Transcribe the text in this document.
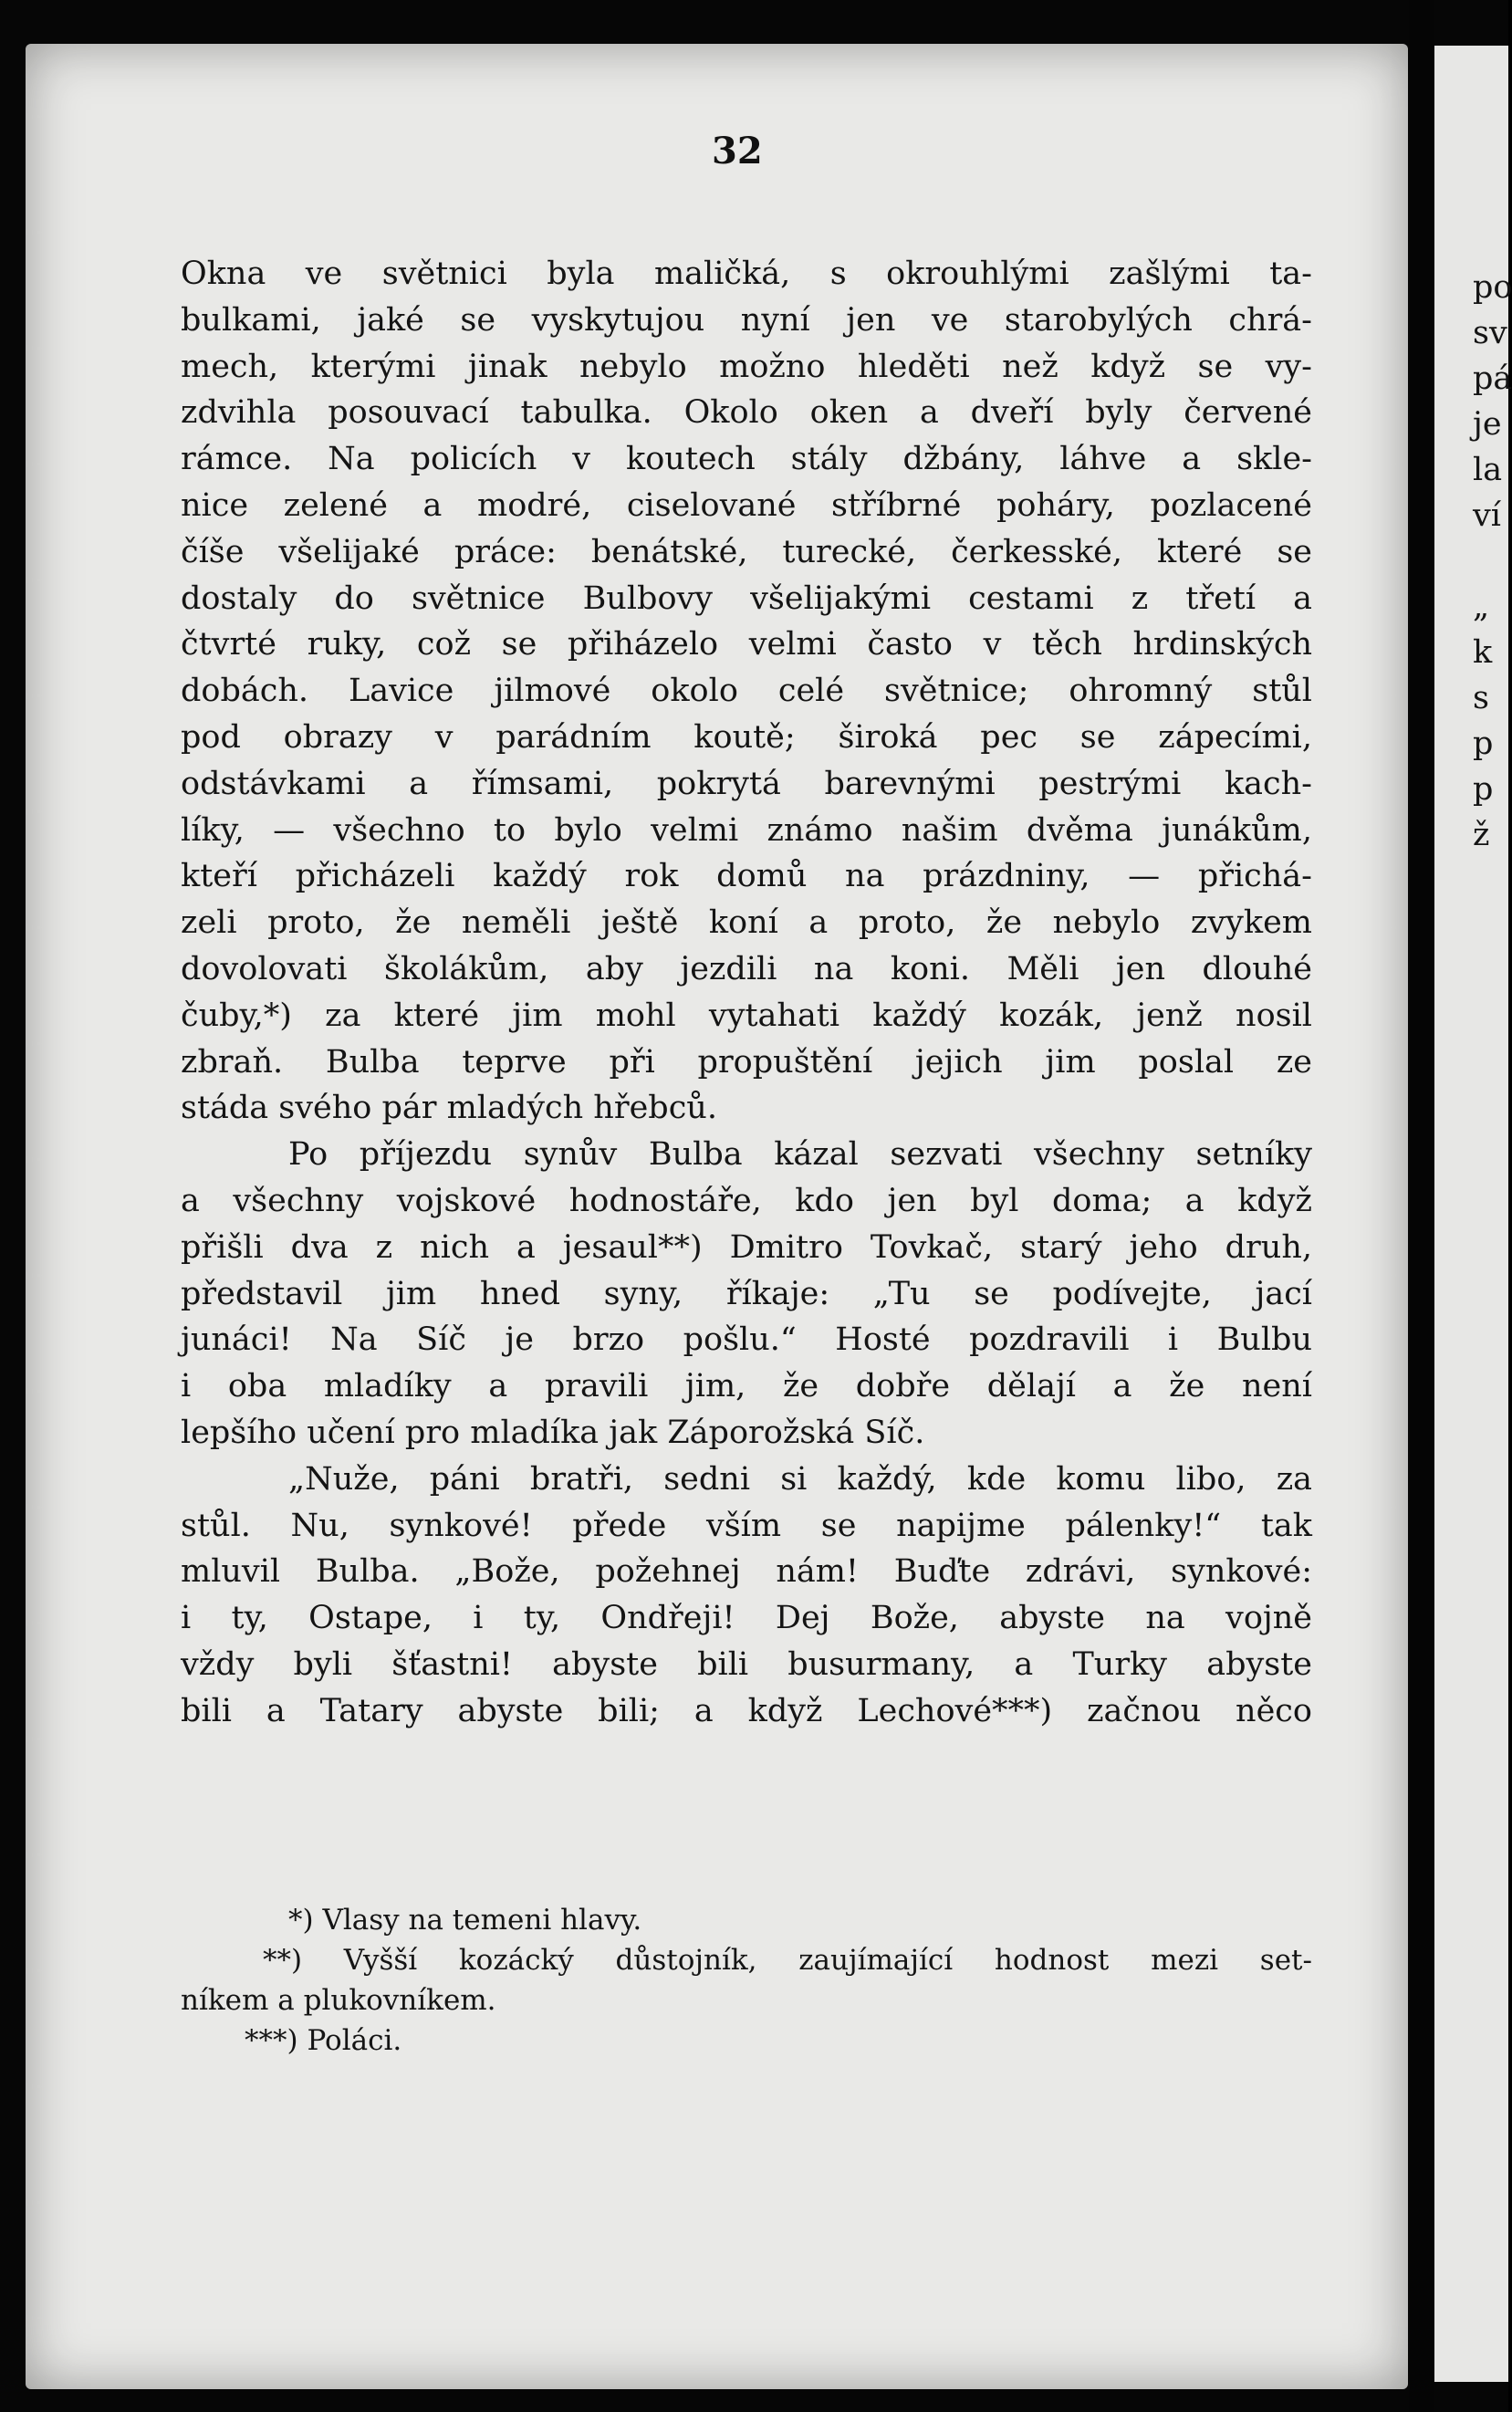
32
Okna ve světnici byla maličká, s okrouhlými zašlými ta-
bulkami, jaké se vyskytujou nyní jen ve starobylých chrá-
mech, kterými jinak nebylo možno hleděti než když se vy-
zdvihla posouvací tabulka. Okolo oken a dveří byly červené
rámce. Na policích v koutech stály džbány, láhve a skle-
nice zelené a modré, ciselované stříbrné poháry, pozlacené
číše všelijaké práce: benátské, turecké, čerkesské, které se
dostaly do světnice Bulbovy všelijakými cestami z třetí a
čtvrté ruky, což se přiházelo velmi často v těch hrdinských
dobách. Lavice jilmové okolo celé světnice; ohromný stůl
pod obrazy v parádním koutě; široká pec se zápecími,
odstávkami a římsami, pokrytá barevnými pestrými kach-
líky, — všechno to bylo velmi známo našim dvěma junákům,
kteří přicházeli každý rok domů na prázdniny, — přichá-
zeli proto, že neměli ještě koní a proto, že nebylo zvykem
dovolovati školákům, aby jezdili na koni. Měli jen dlouhé
čuby,*) za které jim mohl vytahati každý kozák, jenž nosil
zbraň. Bulba teprve při propuštění jejich jim poslal ze
stáda svého pár mladých hřebců.
Po příjezdu synův Bulba kázal sezvati všechny setníky
a všechny vojskové hodnostáře, kdo jen byl doma; a když
přišli dva z nich a jesaul**) Dmitro Tovkač, starý jeho druh,
představil jim hned syny, říkaje: „Tu se podívejte, jací
junáci! Na Síč je brzo pošlu.“ Hosté pozdravili i Bulbu
i oba mladíky a pravili jim, že dobře dělají a že není
lepšího učení pro mladíka jak Záporožská Síč.
„Nuže, páni bratři, sedni si každý, kde komu libo, za
stůl. Nu, synkové! přede vším se napijme pálenky!“ tak
mluvil Bulba. „Bože, požehnej nám! Buďte zdrávi, synkové:
i ty, Ostape, i ty, Ondřeji! Dej Bože, abyste na vojně
vždy byli šťastni! abyste bili busurmany, a Turky abyste
bili a Tatary abyste bili; a když Lechové***) začnou něco
*) Vlasy na temeni hlavy.
**) Vyšší kozácký důstojník, zaujímající hodnost mezi set-
níkem a plukovníkem.
***) Poláci.
po
sv
pá
je
la
ví
„
k
s
p
p
ž
